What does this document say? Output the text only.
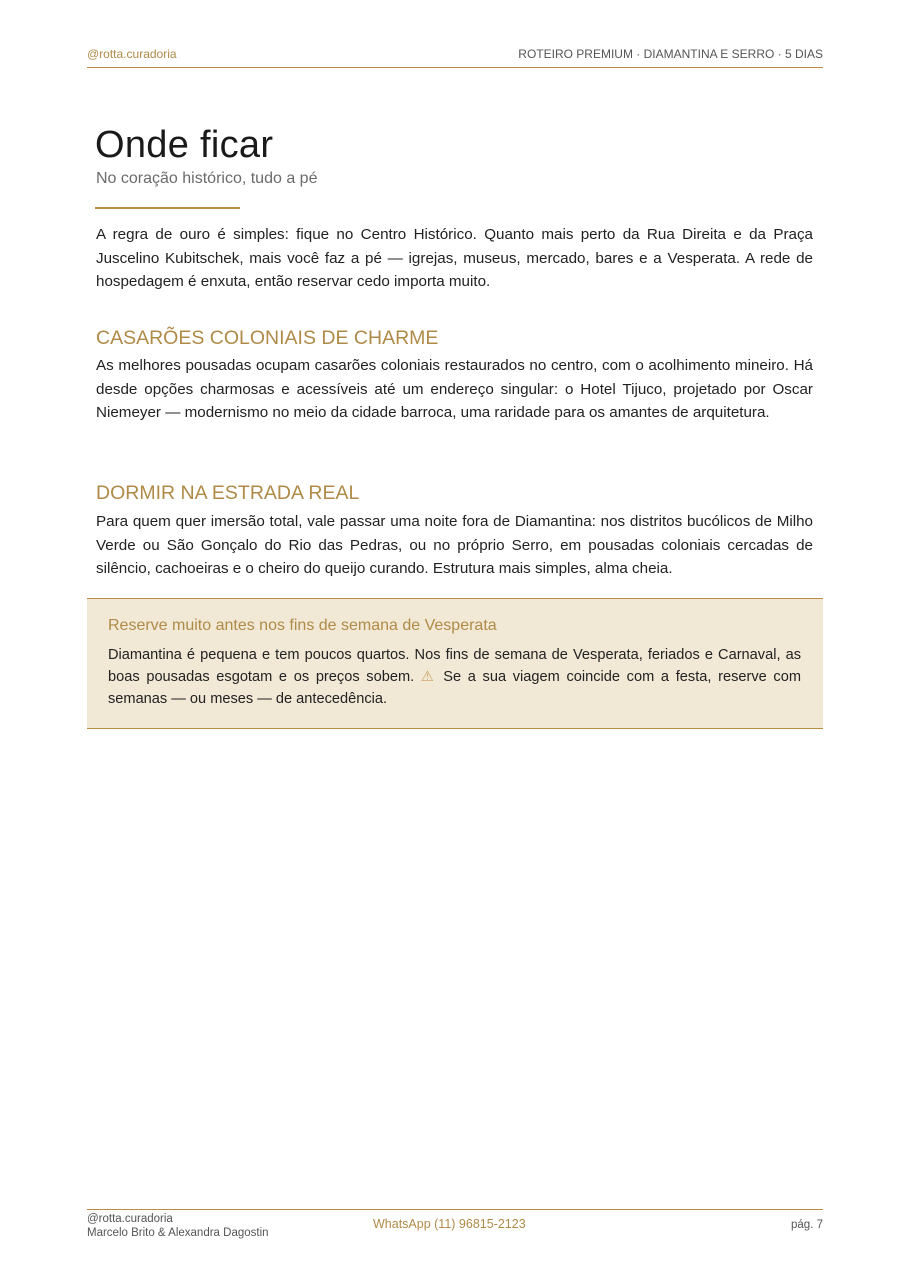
@rotta.curadoria	ROTEIRO PREMIUM · DIAMANTINA E SERRO · 5 DIAS
Onde ficar

No coração histórico, tudo a pé

A regra de ouro é simples: fique no Centro Histórico. Quanto mais perto da Rua Direita e da Praça Juscelino Kubitschek, mais você faz a pé — igrejas, museus, mercado, bares e a Vesperata. A rede de hospedagem é enxuta, então reservar cedo importa muito.

CASARÕES COLONIAIS DE CHARME

As melhores pousadas ocupam casarões coloniais restaurados no centro, com o acolhimento mineiro. Há desde opções charmosas e acessíveis até um endereço singular: o Hotel Tijuco, projetado por Oscar Niemeyer — modernismo no meio da cidade barroca, uma raridade para os amantes de arquitetura.

DORMIR NA ESTRADA REAL

Para quem quer imersão total, vale passar uma noite fora de Diamantina: nos distritos bucólicos de Milho Verde ou São Gonçalo do Rio das Pedras, ou no próprio Serro, em pousadas coloniais cercadas de silêncio, cachoeiras e o cheiro do queijo curando. Estrutura mais simples, alma cheia.

Reserve muito antes nos fins de semana de Vesperata

Diamantina é pequena e tem poucos quartos. Nos fins de semana de Vesperata, feriados e Carnaval, as boas pousadas esgotam e os preços sobem. ⚠ Se a sua viagem coincide com a festa, reserve com semanas — ou meses — de antecedência.

@rotta.curadoria
Marcelo Brito & Alexandra Dagostin
WhatsApp (11) 96815-2123	pág. 7
